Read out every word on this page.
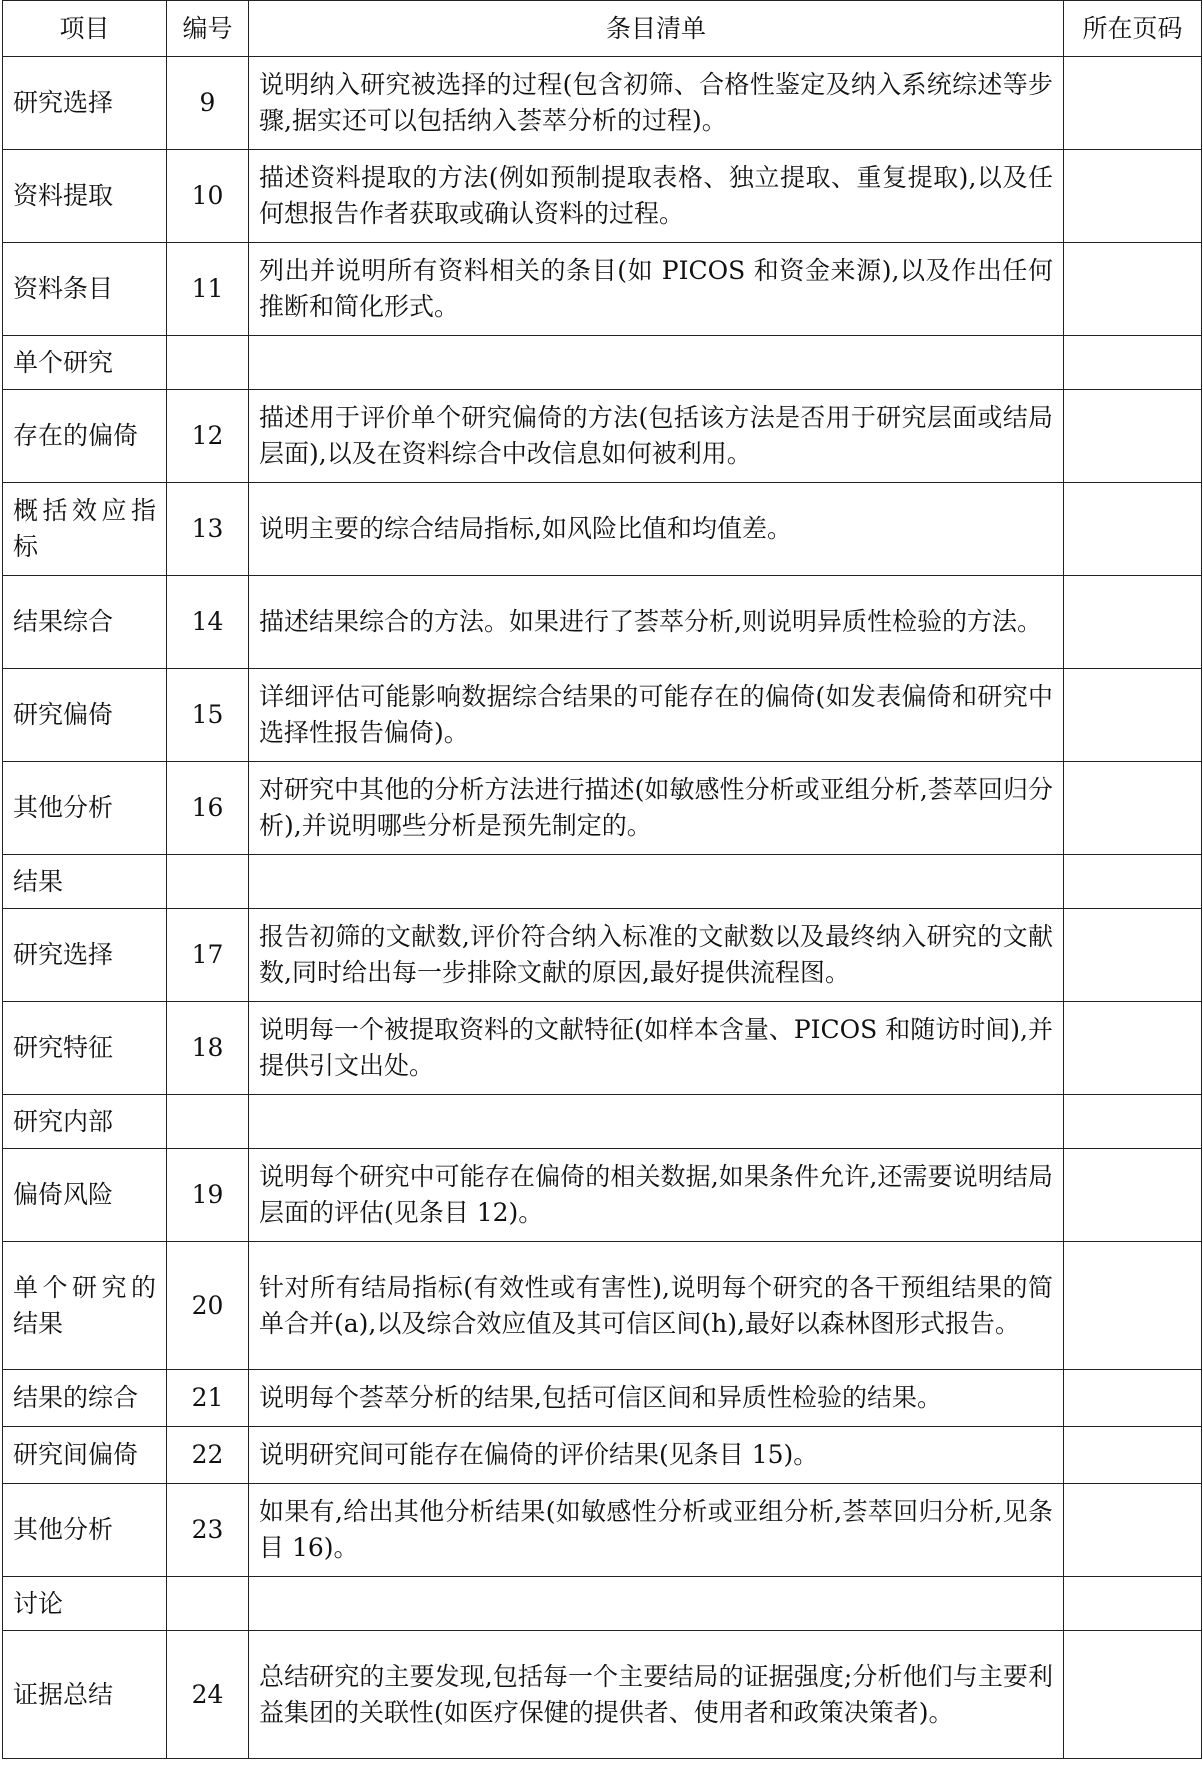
项目	编号	条目清单	所在页码
研究选择	9	说明纳入研究被选择的过程(包含初筛、合格性鉴定及纳入系统综述等步骤,据实还可以包括纳入荟萃分析的过程)。	
资料提取	10	描述资料提取的方法(例如预制提取表格、独立提取、重复提取),以及任何想报告作者获取或确认资料的过程。	
资料条目	11	列出并说明所有资料相关的条目(如 PICOS 和资金来源),以及作出任何推断和简化形式。	
单个研究			
存在的偏倚	12	描述用于评价单个研究偏倚的方法(包括该方法是否用于研究层面或结局层面),以及在资料综合中改信息如何被利用。	
概括效应指标	13	说明主要的综合结局指标,如风险比值和均值差。	
结果综合	14	描述结果综合的方法。如果进行了荟萃分析,则说明异质性检验的方法。	
研究偏倚	15	详细评估可能影响数据综合结果的可能存在的偏倚(如发表偏倚和研究中选择性报告偏倚)。	
其他分析	16	对研究中其他的分析方法进行描述(如敏感性分析或亚组分析,荟萃回归分析),并说明哪些分析是预先制定的。	
结果			
研究选择	17	报告初筛的文献数,评价符合纳入标准的文献数以及最终纳入研究的文献数,同时给出每一步排除文献的原因,最好提供流程图。	
研究特征	18	说明每一个被提取资料的文献特征(如样本含量、PICOS 和随访时间),并提供引文出处。	
研究内部			
偏倚风险	19	说明每个研究中可能存在偏倚的相关数据,如果条件允许,还需要说明结局层面的评估(见条目 12)。	
单个研究的结果	20	针对所有结局指标(有效性或有害性),说明每个研究的各干预组结果的简单合并(a),以及综合效应值及其可信区间(h),最好以森林图形式报告。	
结果的综合	21	说明每个荟萃分析的结果,包括可信区间和异质性检验的结果。	
研究间偏倚	22	说明研究间可能存在偏倚的评价结果(见条目 15)。	
其他分析	23	如果有,给出其他分析结果(如敏感性分析或亚组分析,荟萃回归分析,见条目 16)。	
讨论			
证据总结	24	总结研究的主要发现,包括每一个主要结局的证据强度;分析他们与主要利益集团的关联性(如医疗保健的提供者、使用者和政策决策者)。	
